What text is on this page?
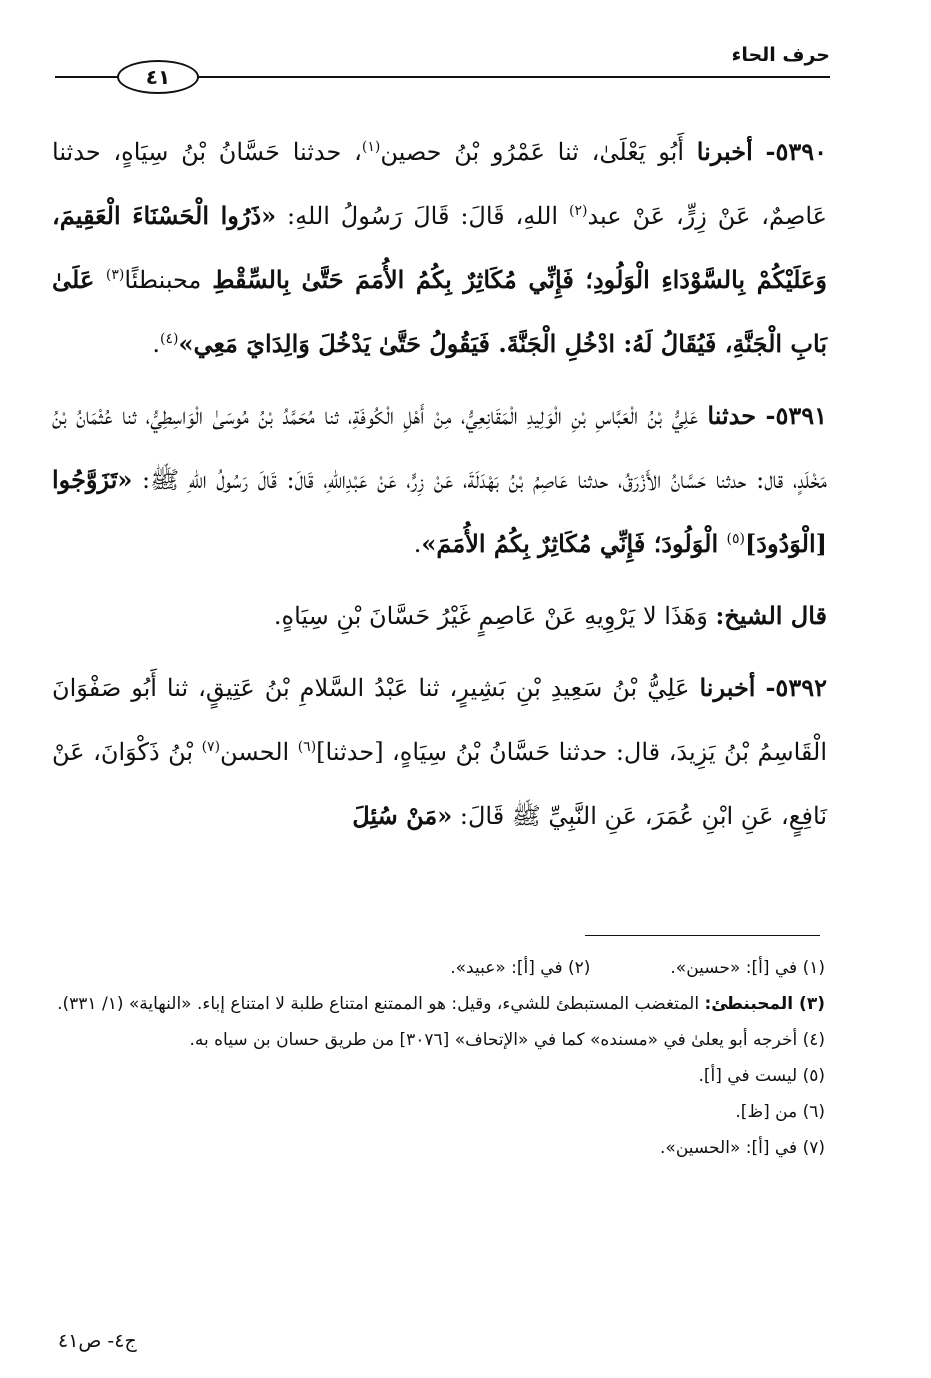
حرف الحاء
٤١

٥٣٩٠- أخبرنا أَبُو يَعْلَىٰ، ثنا عَمْرُو بْنُ حصين$^{(١)}$، حدثنا حَسَّانُ بْنُ سِيَاهٍ، حدثنا عَاصِمٌ، عَنْ زِرٍّ، عَنْ عبد$^{(٢)}$ اللهِ، قَالَ: قَالَ رَسُولُ اللهِ: «ذَرُوا الْحَسْنَاءَ الْعَقِيمَ، وَعَلَيْكُمْ بِالسَّوْدَاءِ الْوَلُودِ؛ فَإِنِّي مُكَاثِرٌ بِكُمُ الأُمَمَ حَتَّىٰ بِالسِّقْطِ محبنطئًا$^{(٣)}$ عَلَىٰ بَابِ الْجَنَّةِ، فَيُقَالُ لَهُ: ادْخُلِ الْجَنَّةَ. فَيَقُولُ حَتَّىٰ يَدْخُلَ وَالِدَايَ مَعِي»$^{(٤)}$.

٥٣٩١- حدثنا عَلِيُّ بْنُ الْعَبَّاسِ بْنِ الْوَلِيدِ الْمَقَانِعِيُّ، مِنْ أَهْلِ الْكُوفَةِ، ثنا مُحَمَّدُ بْنُ مُوسَىٰ الْوَاسِطِيُّ، ثنا عُثْمَانُ بْنُ مَخْلَدٍ، قال: حدثنا حَسَّانُ الأَزْرَقُ، حدثنا عَاصِمُ بْنُ بَهْدَلَةَ، عَنْ زِرٍّ، عَنْ عَبْدِاللهِ، قَالَ: قَالَ رَسُولُ اللهِ ﷺ: «تَزَوَّجُوا [الْوَدُودَ]$^{(٥)}$ الْوَلُودَ؛ فَإِنِّي مُكَاثِرٌ بِكُمُ الأُمَمَ».

قال الشيخ: وَهَذَا لا يَرْوِيهِ عَنْ عَاصِمٍ غَيْرُ حَسَّانَ بْنِ سِيَاهٍ.

٥٣٩٢- أخبرنا عَلِيُّ بْنُ سَعِيدِ بْنِ بَشِيرٍ، ثنا عَبْدُ السَّلامِ بْنُ عَتِيقٍ، ثنا أَبُو صَفْوَانَ الْقَاسِمُ بْنُ يَزِيدَ، قال: حدثنا حَسَّانُ بْنُ سِيَاهٍ، [حدثنا]$^{(٦)}$ الحسن$^{(٧)}$ بْنُ ذَكْوَانَ، عَنْ نَافِعٍ، عَنِ ابْنِ عُمَرَ، عَنِ النَّبِيِّ ﷺ قَالَ: «مَنْ سُئِلَ

(١) في [أ]: «حسين».
(٢) في [أ]: «عبيد».

(٣) المحبنطئ: المتغضب المستبطئ للشيء، وقيل: هو الممتنع امتناع طلبة لا امتناع إباء. «النهاية» (١/ ٣٣١).

(٤) أخرجه أبو يعلىٰ في «مسنده» كما في «الإتحاف» [٣٠٧٦] من طريق حسان بن سياه به.

(٥) ليست في [أ].

(٦) من [ظ].

(٧) في [أ]: «الحسين».

ج٤- ص٤١
